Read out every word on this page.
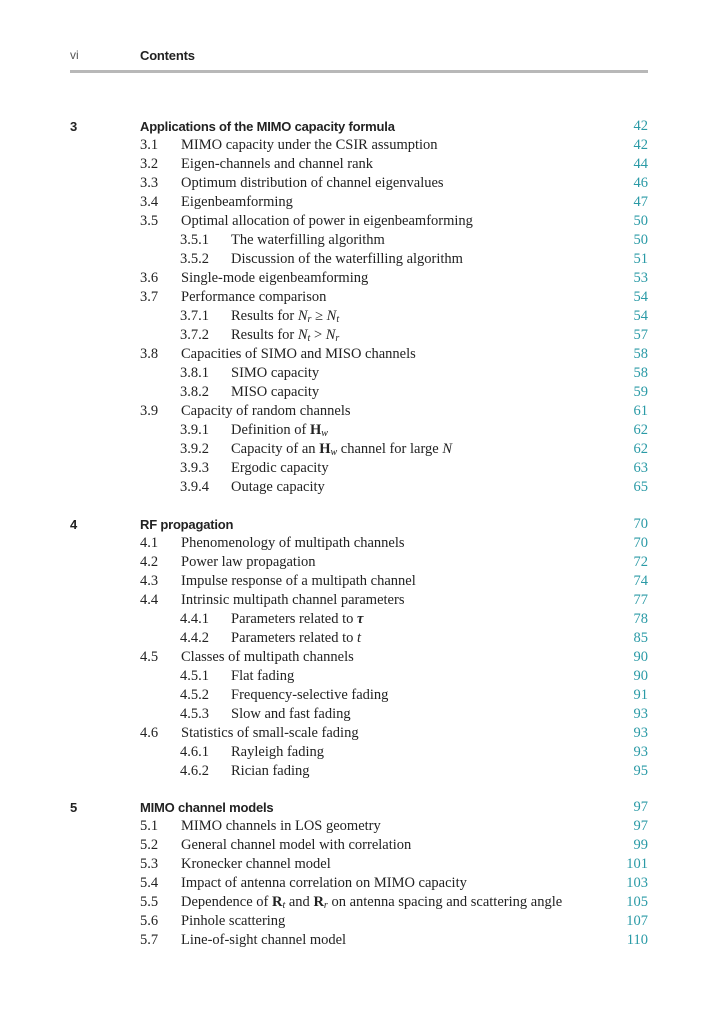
vi	Contents
3	Applications of the MIMO capacity formula	42
3.1 MIMO capacity under the CSIR assumption	42
3.2 Eigen-channels and channel rank	44
3.3 Optimum distribution of channel eigenvalues	46
3.4 Eigenbeamforming	47
3.5 Optimal allocation of power in eigenbeamforming	50
3.5.1 The waterfilling algorithm	50
3.5.2 Discussion of the waterfilling algorithm	51
3.6 Single-mode eigenbeamforming	53
3.7 Performance comparison	54
3.7.1 Results for $N_r \ge N_t$	54
3.7.2 Results for $N_t > N_r$	57
3.8 Capacities of SIMO and MISO channels	58
3.8.1 SIMO capacity	58
3.8.2 MISO capacity	59
3.9 Capacity of random channels	61
3.9.1 Definition of $H_w$	62
3.9.2 Capacity of an $H_w$ channel for large N	62
3.9.3 Ergodic capacity	63
3.9.4 Outage capacity	65
4	RF propagation	70
4.1 Phenomenology of multipath channels	70
4.2 Power law propagation	72
4.3 Impulse response of a multipath channel	74
4.4 Intrinsic multipath channel parameters	77
4.4.1 Parameters related to τ	78
4.4.2 Parameters related to t	85
4.5 Classes of multipath channels	90
4.5.1 Flat fading	90
4.5.2 Frequency-selective fading	91
4.5.3 Slow and fast fading	93
4.6 Statistics of small-scale fading	93
4.6.1 Rayleigh fading	93
4.6.2 Rician fading	95
5	MIMO channel models	97
5.1 MIMO channels in LOS geometry	97
5.2 General channel model with correlation	99
5.3 Kronecker channel model	101
5.4 Impact of antenna correlation on MIMO capacity	103
5.5 Dependence of $R_t$ and $R_r$ on antenna spacing and scattering angle	105
5.6 Pinhole scattering	107
5.7 Line-of-sight channel model	110
